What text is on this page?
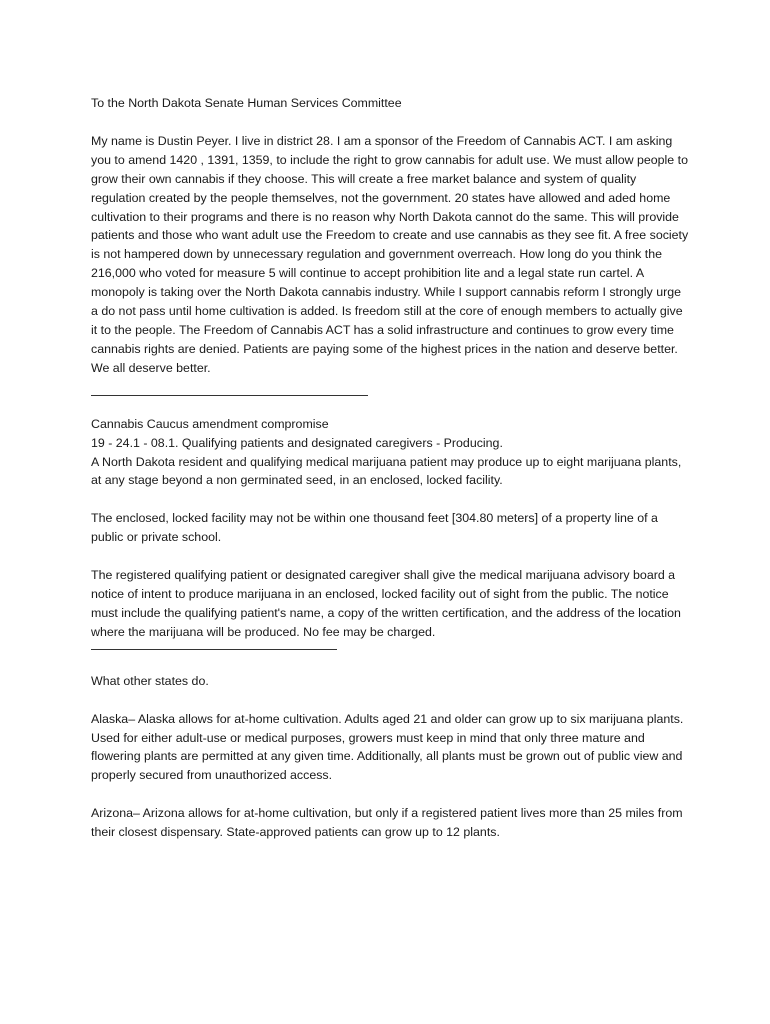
To the North Dakota Senate Human Services Committee

My name is Dustin Peyer. I live in district 28. I am a sponsor of the Freedom of Cannabis ACT. I am asking you to amend 1420 , 1391, 1359, to include the right to grow cannabis for adult use. We must allow people to grow their own cannabis if they choose. This will create a free market balance and system of quality regulation created by the people themselves, not the government. 20 states have allowed and aded home cultivation to their programs and there is no reason why North Dakota cannot do the same. This will provide patients and those who want adult use the Freedom to create and use cannabis as they see fit. A free society is not hampered down by unnecessary regulation and government overreach. How long do you think the 216,000 who voted for measure 5 will continue to accept prohibition lite and a legal state run cartel. A monopoly is taking over the North Dakota cannabis industry. While I support cannabis reform I strongly urge a do not pass until home cultivation is added. Is freedom still at the core of enough members to actually give it to the people. The Freedom of Cannabis ACT has a solid infrastructure and continues to grow every time cannabis rights are denied. Patients are paying some of the highest prices in the nation and deserve better. We all deserve better.

Cannabis Caucus amendment compromise

19 - 24.1 - 08.1. Qualifying patients and designated caregivers - Producing.

A North Dakota resident and qualifying medical marijuana patient may produce up to eight marijuana plants, at any stage beyond a non germinated seed, in an enclosed, locked facility.

The enclosed, locked facility may not be within one thousand feet [304.80 meters] of a property line of a public or private school.

The registered qualifying patient or designated caregiver shall give the medical marijuana advisory board a notice of intent to produce marijuana in an enclosed, locked facility out of sight from the public. The notice must include the qualifying patient's name, a copy of the written certification, and the address of the location where the marijuana will be produced. No fee may be charged.

What other states do.

Alaska– Alaska allows for at-home cultivation. Adults aged 21 and older can grow up to six marijuana plants. Used for either adult-use or medical purposes, growers must keep in mind that only three mature and flowering plants are permitted at any given time. Additionally, all plants must be grown out of public view and properly secured from unauthorized access.

Arizona– Arizona allows for at-home cultivation, but only if a registered patient lives more than 25 miles from their closest dispensary. State-approved patients can grow up to 12 plants.
